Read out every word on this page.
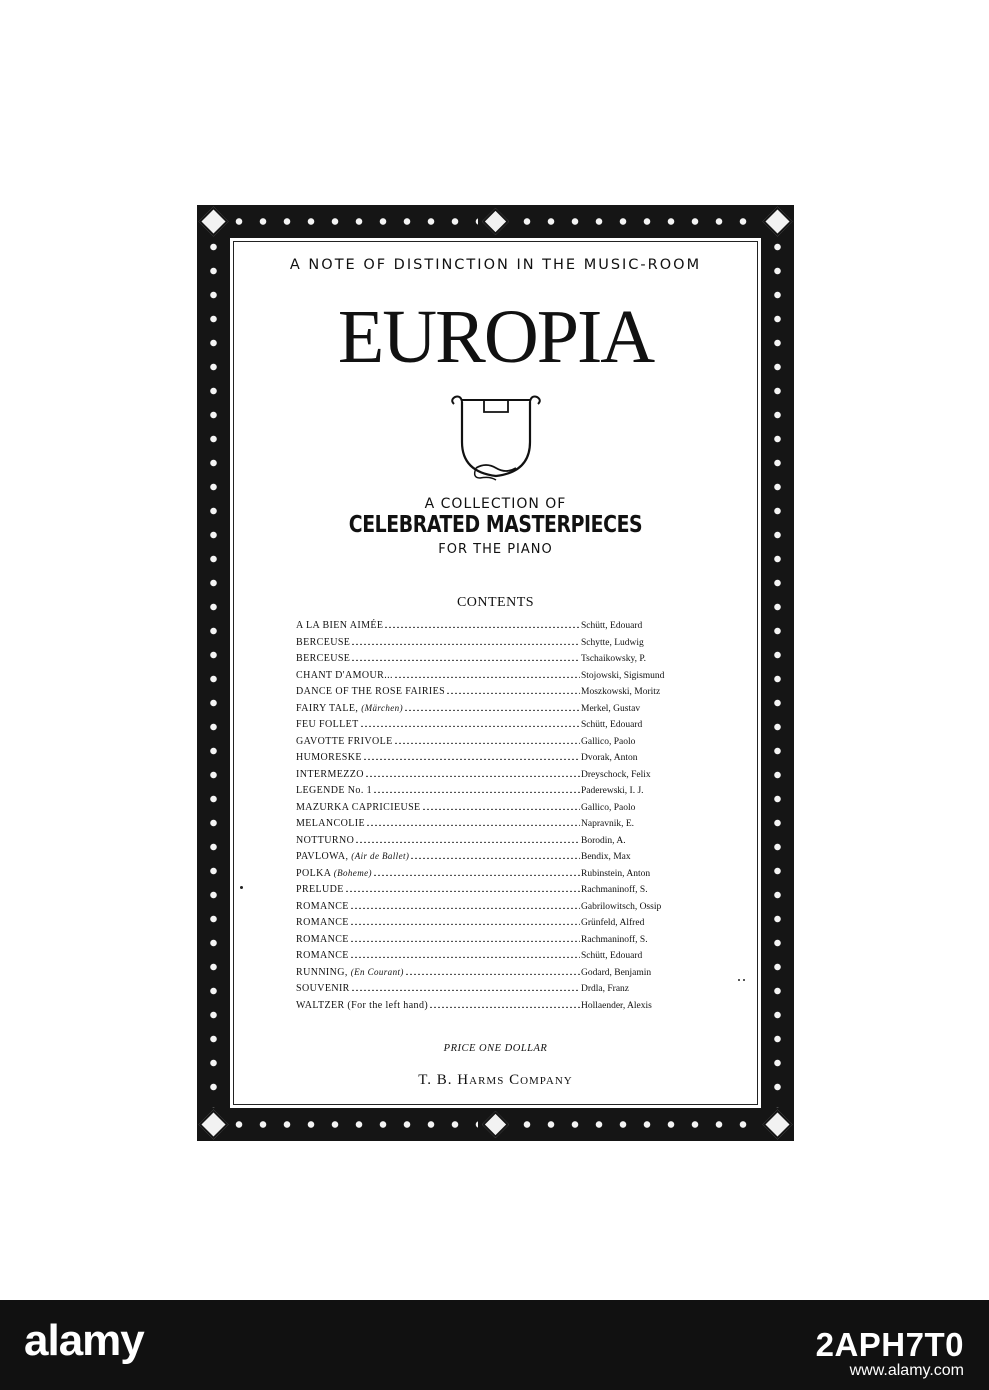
A NOTE OF DISTINCTION IN THE MUSIC-ROOM
EUROPIA
A COLLECTION OF
CELEBRATED MASTERPIECES
FOR THE PIANO
CONTENTS
A LA BIEN AIMÉE	Schütt, Edouard
BERCEUSE	Schytte, Ludwig
BERCEUSE	Tschaikowsky, P.
CHANT D'AMOUR...	Stojowski, Sigismund
DANCE OF THE ROSE FAIRIES	Moszkowski, Moritz
FAIRY TALE, (Märchen)	Merkel, Gustav
FEU FOLLET	Schütt, Edouard
GAVOTTE FRIVOLE	Gallico, Paolo
HUMORESKE	Dvorak, Anton
INTERMEZZO	Dreyschock, Felix
LEGENDE No. 1	Paderewski, I. J.
MAZURKA CAPRICIEUSE	Gallico, Paolo
MELANCOLIE	Napravnik, E.
NOTTURNO	Borodin, A.
PAVLOWA, (Air de Ballet)	Bendix, Max
POLKA (Boheme)	Rubinstein, Anton
PRELUDE	Rachmaninoff, S.
ROMANCE	Gabrilowitsch, Ossip
ROMANCE	Grünfeld, Alfred
ROMANCE	Rachmaninoff, S.
ROMANCE	Schütt, Edouard
RUNNING, (En Courant)	Godard, Benjamin
SOUVENIR	Drdla, Franz
WALTZER (For the left hand)	Hollaender, Alexis
PRICE ONE DOLLAR
T. B. Harms Company
alamy	2APH7T0
www.alamy.com
